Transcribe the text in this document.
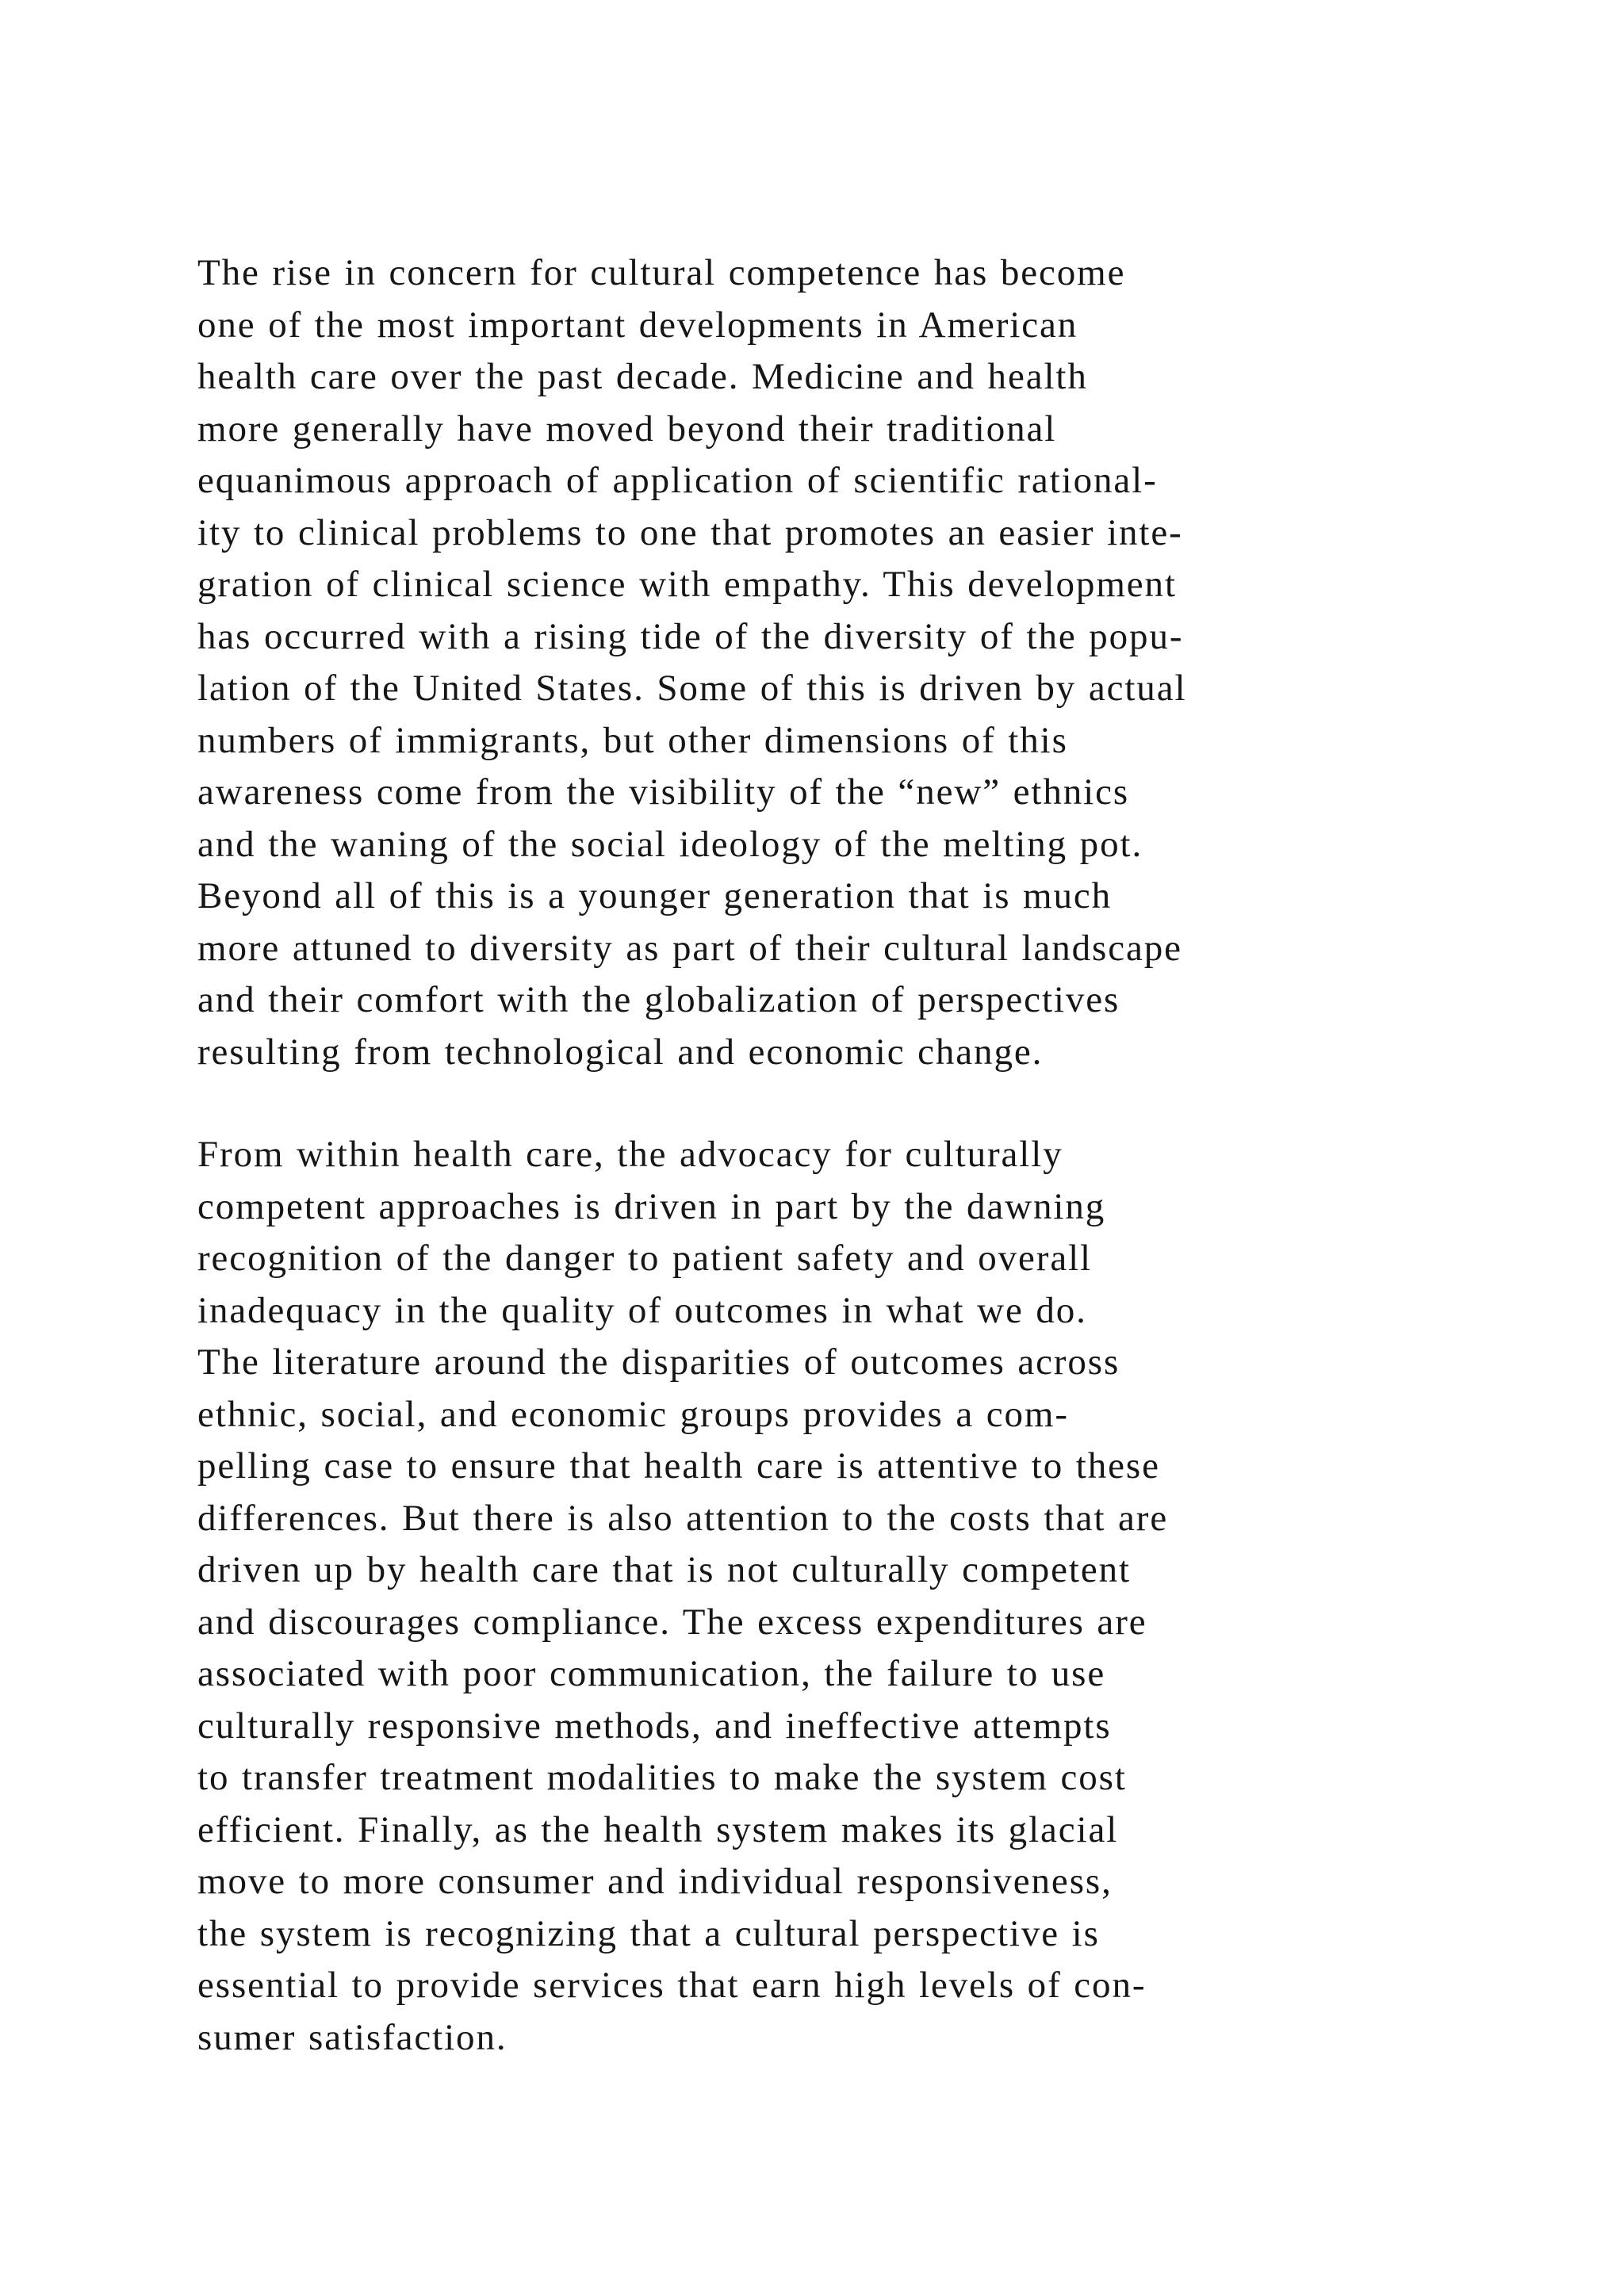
The rise in concern for cultural competence has become
one of the most important developments in American
health care over the past decade. Medicine and health
more generally have moved beyond their traditional
equanimous approach of application of scientific rational-
ity to clinical problems to one that promotes an easier inte-
gration of clinical science with empathy. This development
has occurred with a rising tide of the diversity of the popu-
lation of the United States. Some of this is driven by actual
numbers of immigrants, but other dimensions of this
awareness come from the visibility of the “new” ethnics
and the waning of the social ideology of the melting pot.
Beyond all of this is a younger generation that is much
more attuned to diversity as part of their cultural landscape
and their comfort with the globalization of perspectives
resulting from technological and economic change.
From within health care, the advocacy for culturally
competent approaches is driven in part by the dawning
recognition of the danger to patient safety and overall
inadequacy in the quality of outcomes in what we do.
The literature around the disparities of outcomes across
ethnic, social, and economic groups provides a com-
pelling case to ensure that health care is attentive to these
differences. But there is also attention to the costs that are
driven up by health care that is not culturally competent
and discourages compliance. The excess expenditures are
associated with poor communication, the failure to use
culturally responsive methods, and ineffective attempts
to transfer treatment modalities to make the system cost
efficient. Finally, as the health system makes its glacial
move to more consumer and individual responsiveness,
the system is recognizing that a cultural perspective is
essential to provide services that earn high levels of con-
sumer satisfaction.
